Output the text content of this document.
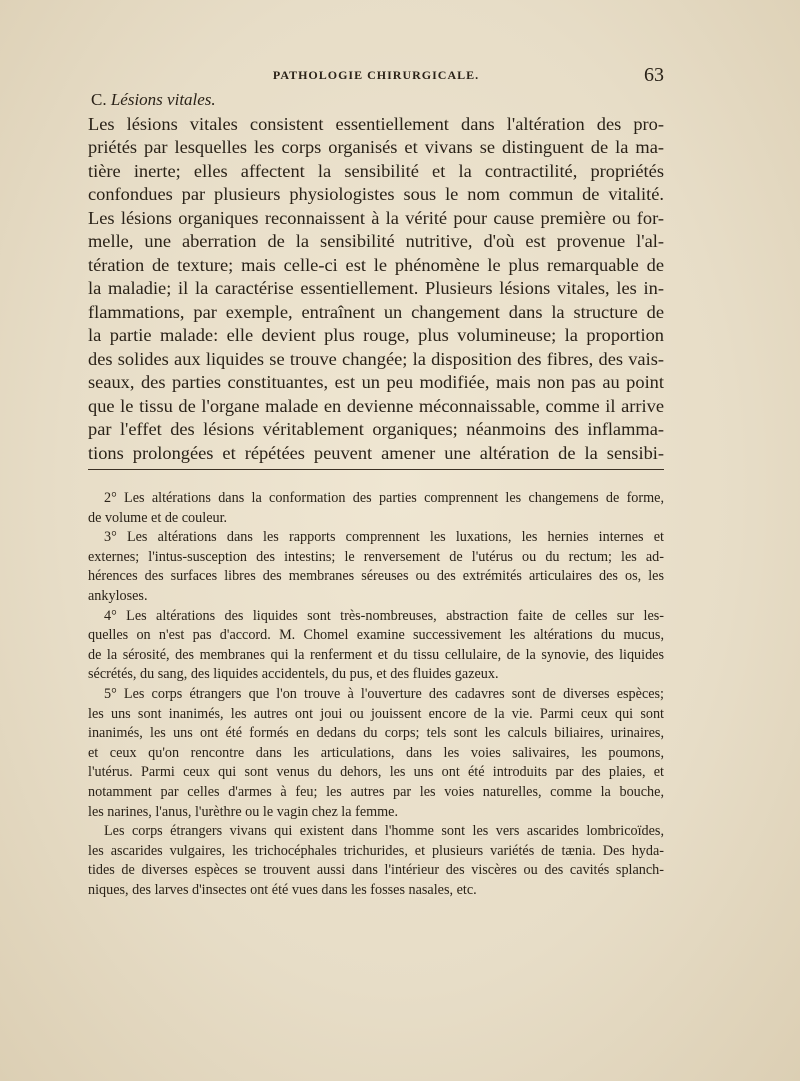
PATHOLOGIE CHIRURGICALE.	63
C. Lésions vitales.

Les lésions vitales consistent essentiellement dans l'altération des pro-
priétés par lesquelles les corps organisés et vivans se distinguent de la ma-
tière inerte; elles affectent la sensibilité et la contractilité, propriétés
confondues par plusieurs physiologistes sous le nom commun de vitalité.
Les lésions organiques reconnaissent à la vérité pour cause première ou for-
melle, une aberration de la sensibilité nutritive, d'où est provenue l'al-
tération de texture; mais celle-ci est le phénomène le plus remarquable de
la maladie; il la caractérise essentiellement. Plusieurs lésions vitales, les in-
flammations, par exemple, entraînent un changement dans la structure de
la partie malade: elle devient plus rouge, plus volumineuse; la proportion
des solides aux liquides se trouve changée; la disposition des fibres, des vais-
seaux, des parties constituantes, est un peu modifiée, mais non pas au point
que le tissu de l'organe malade en devienne méconnaissable, comme il arrive
par l'effet des lésions véritablement organiques; néanmoins des inflamma-
tions prolongées et répétées peuvent amener une altération de la sensibi-

2° Les altérations dans la conformation des parties comprennent les changemens de forme,
de volume et de couleur.

3° Les altérations dans les rapports comprennent les luxations, les hernies internes et
externes; l'intus-susception des intestins; le renversement de l'utérus ou du rectum; les ad-
hérences des surfaces libres des membranes séreuses ou des extrémités articulaires des os, les
ankyloses.

4° Les altérations des liquides sont très-nombreuses, abstraction faite de celles sur les-
quelles on n'est pas d'accord. M. Chomel examine successivement les altérations du mucus,
de la sérosité, des membranes qui la renferment et du tissu cellulaire, de la synovie, des liquides
sécrétés, du sang, des liquides accidentels, du pus, et des fluides gazeux.

5° Les corps étrangers que l'on trouve à l'ouverture des cadavres sont de diverses espèces;
les uns sont inanimés, les autres ont joui ou jouissent encore de la vie. Parmi ceux qui sont
inanimés, les uns ont été formés en dedans du corps; tels sont les calculs biliaires, urinaires,
et ceux qu'on rencontre dans les articulations, dans les voies salivaires, les poumons,
l'utérus. Parmi ceux qui sont venus du dehors, les uns ont été introduits par des plaies, et
notamment par celles d'armes à feu; les autres par les voies naturelles, comme la bouche,
les narines, l'anus, l'urèthre ou le vagin chez la femme.

Les corps étrangers vivans qui existent dans l'homme sont les vers ascarides lombricoïdes,
les ascarides vulgaires, les trichocéphales trichurides, et plusieurs variétés de tænia. Des hyda-
tides de diverses espèces se trouvent aussi dans l'intérieur des viscères ou des cavités splanch-
niques, des larves d'insectes ont été vues dans les fosses nasales, etc.
